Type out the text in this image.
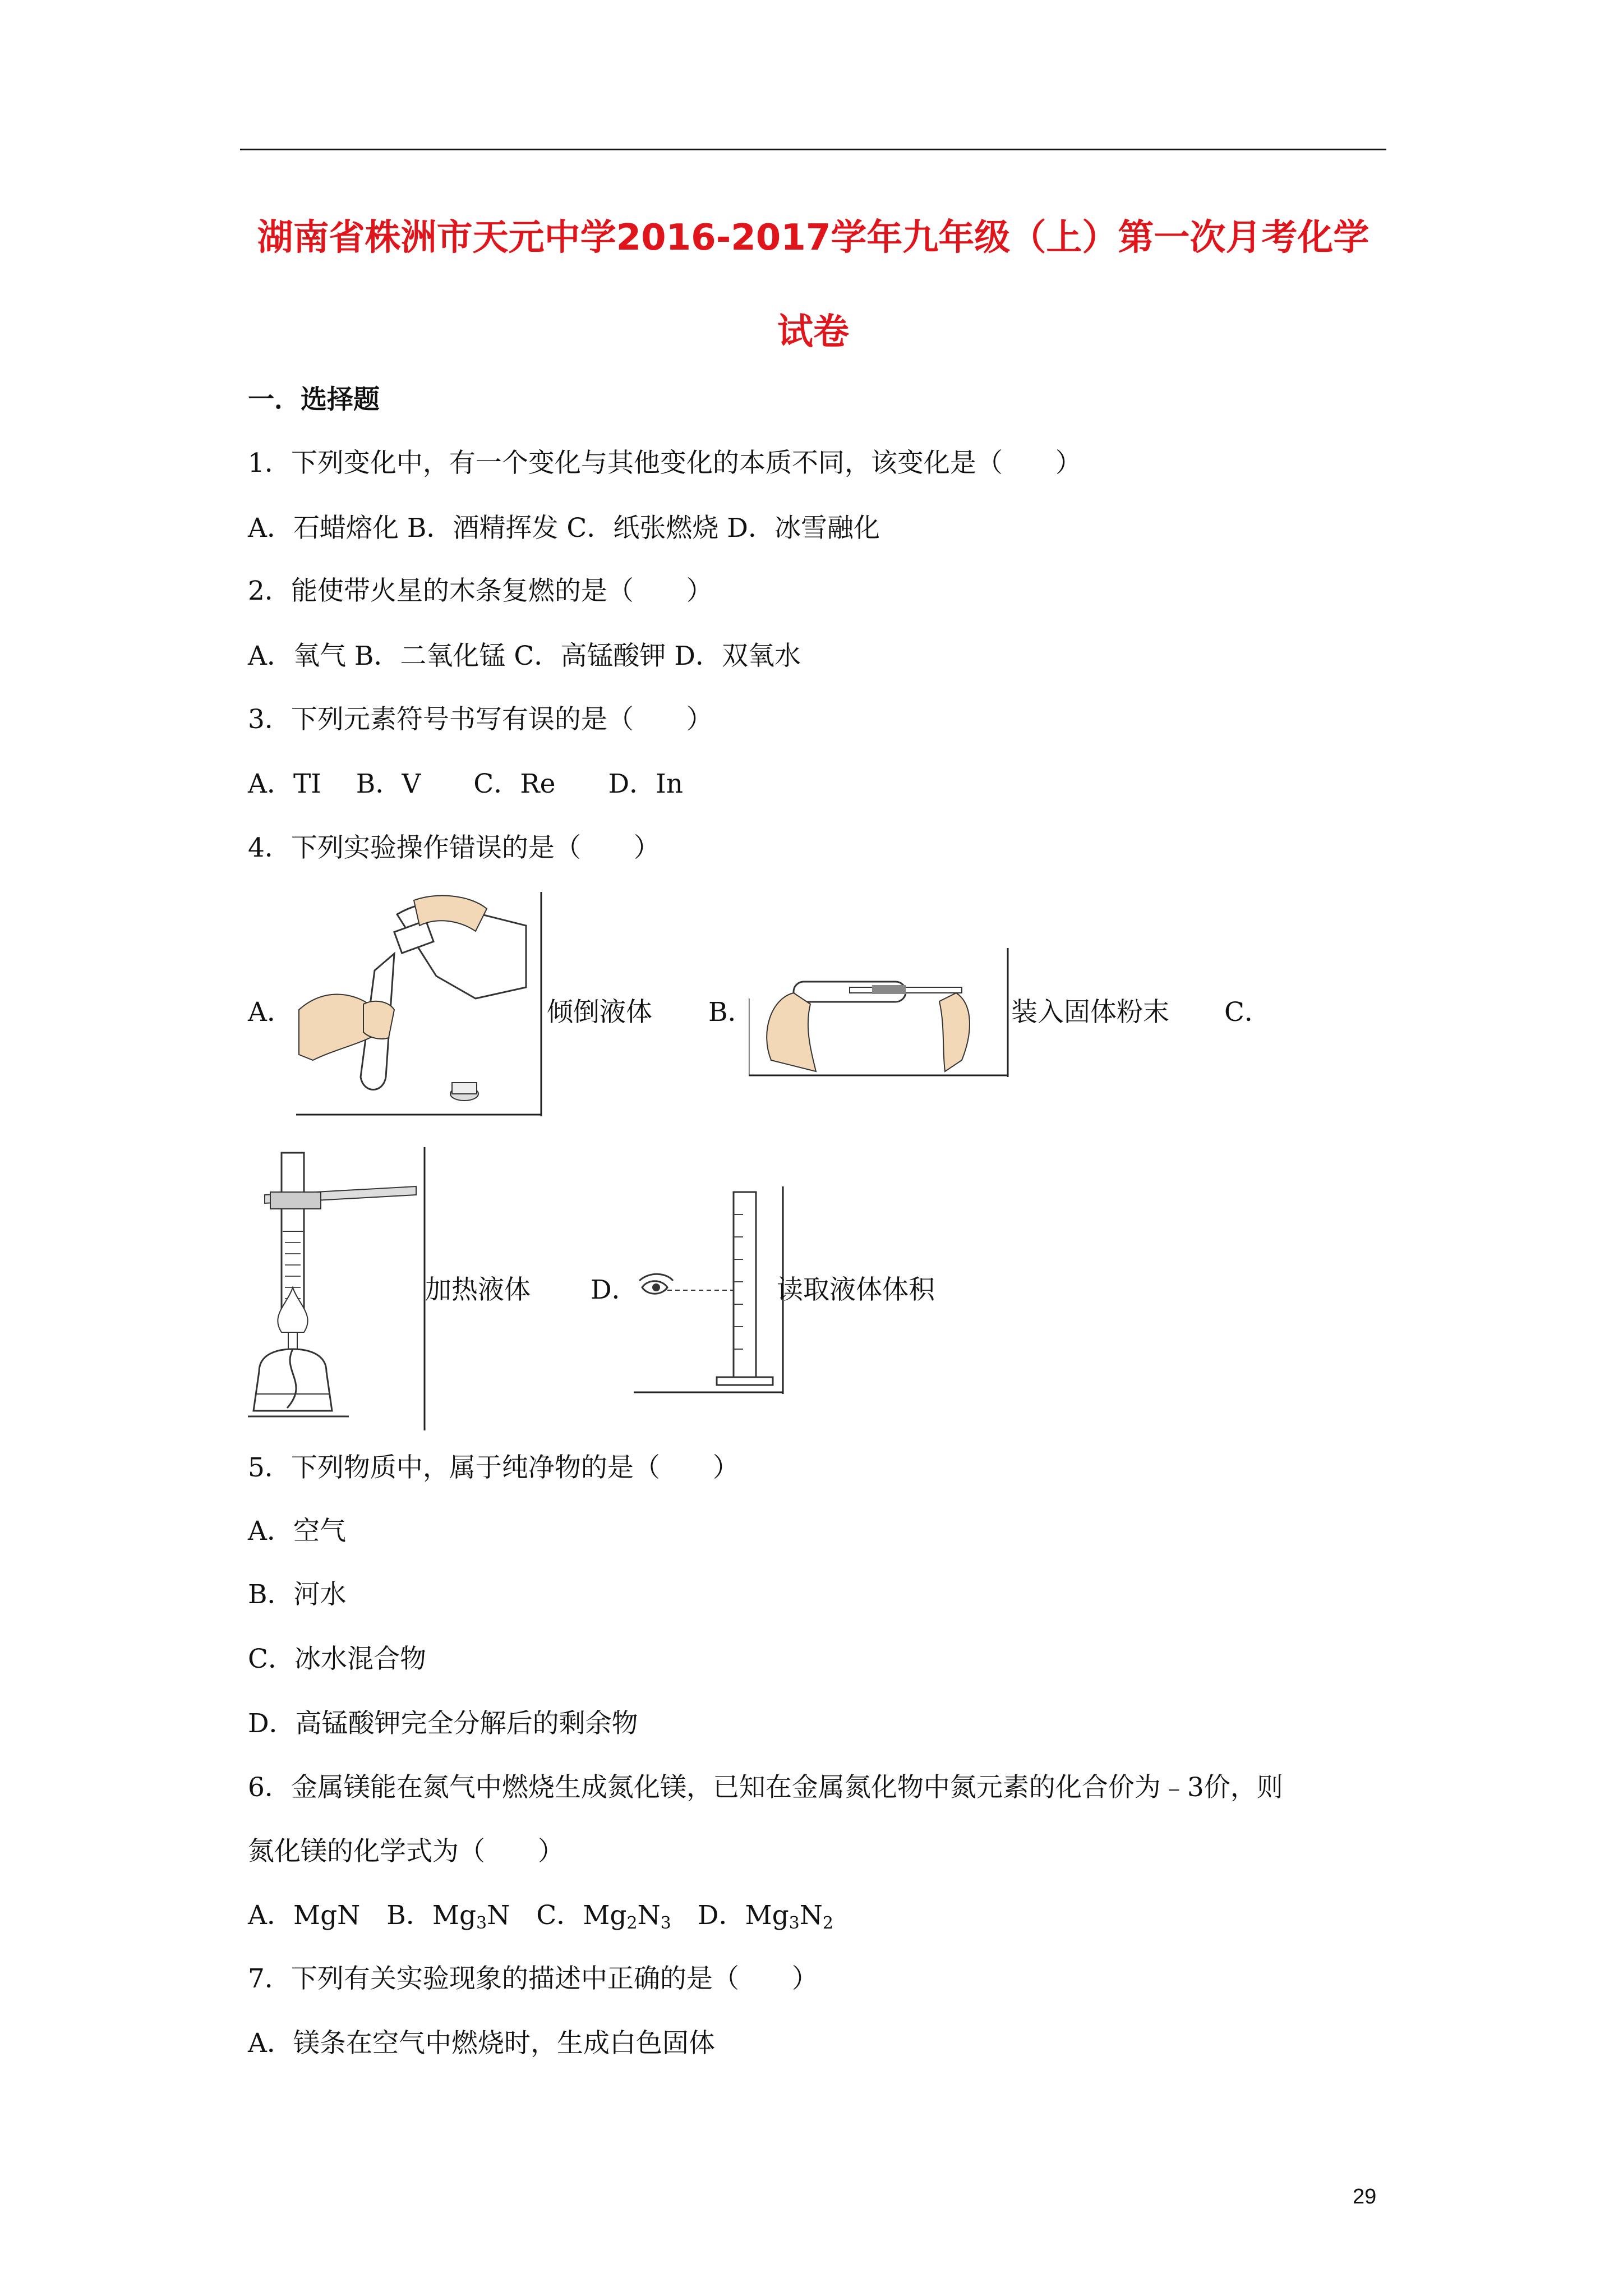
湖南省株洲市天元中学2016-2017学年九年级（上）第一次月考化学
试卷
一．选择题
1．下列变化中，有一个变化与其他变化的本质不同，该变化是（　　）
A．石蜡熔化 B．酒精挥发 C．纸张燃烧 D．冰雪融化
2．能使带火星的木条复燃的是（　　）
A．氧气 B．二氧化锰 C．高锰酸钾 D．双氧水
3．下列元素符号书写有误的是（　　）
A．TI　 B．V　　C．Re　　D．In
4．下列实验操作错误的是（　　）
A．	倾倒液体 B．	装入固体粉末 C．
加热液体 D．	读取液体体积
5．下列物质中，属于纯净物的是（　　）
A．空气
B．河水
C．冰水混合物
D．高锰酸钾完全分解后的剩余物
6．金属镁能在氮气中燃烧生成氮化镁，已知在金属氮化物中氮元素的化合价为﹣3价，则
氮化镁的化学式为（　　）
A．MgN　B．$Mg_3N$　C．$Mg_2N_3$　D．$Mg_3N_2$
7．下列有关实验现象的描述中正确的是（　　）
A．镁条在空气中燃烧时，生成白色固体
29
